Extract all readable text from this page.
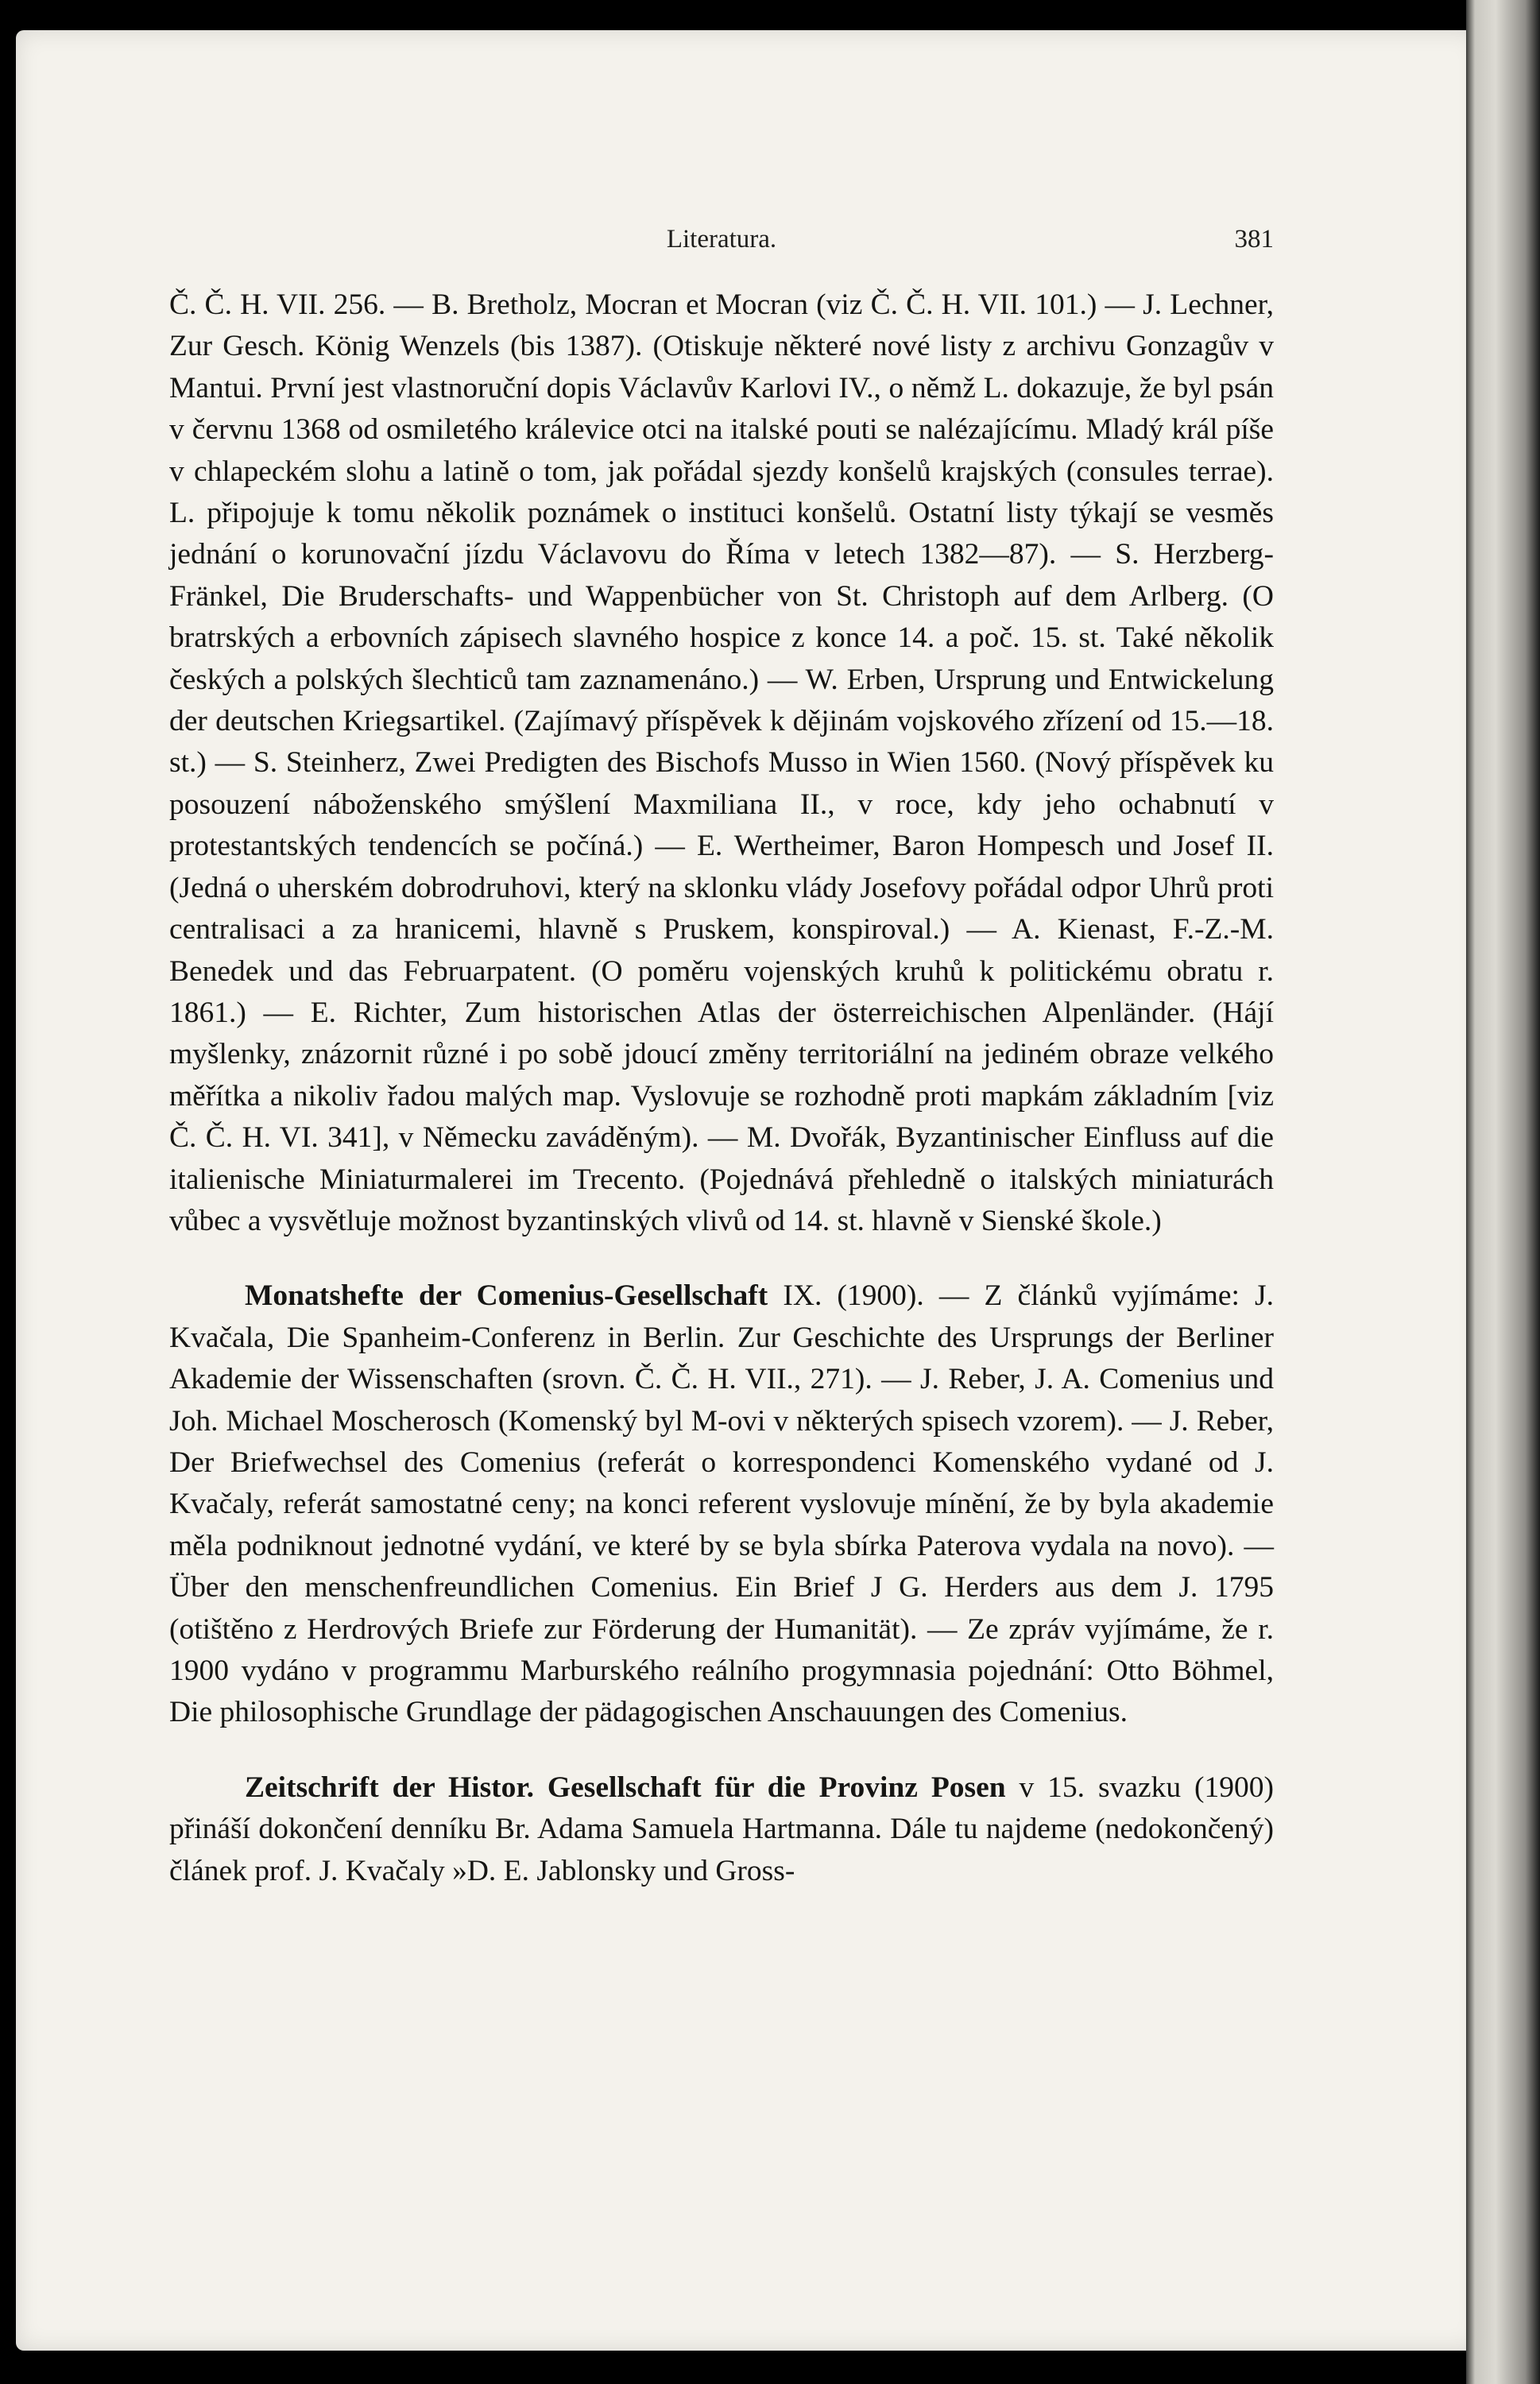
Literatura.	381

Č. Č. H. VII. 256. — B. Bretholz, Mocran et Mocran (viz Č. Č. H. VII. 101.) — J. Lechner, Zur Gesch. König Wenzels (bis 1387). (Otiskuje některé nové listy z archivu Gonzagův v Mantui. První jest vlastnoruční dopis Václavův Karlovi IV., o němž L. dokazuje, že byl psán v červnu 1368 od osmiletého králevice otci na italské pouti se nalézajícímu. Mladý král píše v chlapeckém slohu a latině o tom, jak pořádal sjezdy konšelů krajských (consules terrae). L. připojuje k tomu několik poznámek o instituci konšelů. Ostatní listy týkají se vesměs jednání o korunovační jízdu Václavovu do Říma v letech 1382—87). — S. Herzberg-Fränkel, Die Bruderschafts- und Wappenbücher von St. Christoph auf dem Arlberg. (O bratrských a erbovních zápisech slavného hospice z konce 14. a poč. 15. st. Také několik českých a polských šlechticů tam zaznamenáno.) — W. Erben, Ursprung und Entwickelung der deutschen Kriegsartikel. (Zajímavý příspěvek k dějinám vojskového zřízení od 15.—18. st.) — S. Steinherz, Zwei Predigten des Bischofs Musso in Wien 1560. (Nový příspěvek ku posouzení náboženského smýšlení Maxmiliana II., v roce, kdy jeho ochabnutí v protestantských tendencích se počíná.) — E. Wertheimer, Baron Hompesch und Josef II. (Jedná o uherském dobrodruhovi, který na sklonku vlády Josefovy pořádal odpor Uhrů proti centralisaci a za hranicemi, hlavně s Pruskem, konspiroval.) — A. Kienast, F.-Z.-M. Benedek und das Februarpatent. (O poměru vojenských kruhů k politickému obratu r. 1861.) — E. Richter, Zum historischen Atlas der österreichischen Alpenländer. (Hájí myšlenky, znázornit různé i po sobě jdoucí změny territoriální na jediném obraze velkého měřítka a nikoliv řadou malých map. Vyslovuje se rozhodně proti mapkám základním [viz Č. Č. H. VI. 341], v Německu zaváděným). — M. Dvořák, Byzantinischer Einfluss auf die italienische Miniaturmalerei im Trecento. (Pojednává přehledně o italských miniaturách vůbec a vysvětluje možnost byzantinských vlivů od 14. st. hlavně v Sienské škole.)

Monatshefte der Comenius-Gesellschaft IX. (1900). — Z článků vyjímáme: J. Kvačala, Die Spanheim-Conferenz in Berlin. Zur Geschichte des Ursprungs der Berliner Akademie der Wissenschaften (srovn. Č. Č. H. VII., 271). — J. Reber, J. A. Comenius und Joh. Michael Moscherosch (Komenský byl M-ovi v některých spisech vzorem). — J. Reber, Der Briefwechsel des Comenius (referát o korrespondenci Komenského vydané od J. Kvačaly, referát samostatné ceny; na konci referent vyslovuje mínění, že by byla akademie měla podniknout jednotné vydání, ve které by se byla sbírka Paterova vydala na novo). — Über den menschenfreundlichen Comenius. Ein Brief J G. Herders aus dem J. 1795 (otištěno z Herdrových Briefe zur Förderung der Humanität). — Ze zpráv vyjímáme, že r. 1900 vydáno v programmu Marburského reálního progymnasia pojednání: Otto Böhmel, Die philosophische Grundlage der pädagogischen Anschauungen des Comenius.

Zeitschrift der Histor. Gesellschaft für die Provinz Posen v 15. svazku (1900) přináší dokončení denníku Br. Adama Samuela Hartmanna. Dále tu najdeme (nedokončený) článek prof. J. Kvačaly »D. E. Jablonsky und Gross-
